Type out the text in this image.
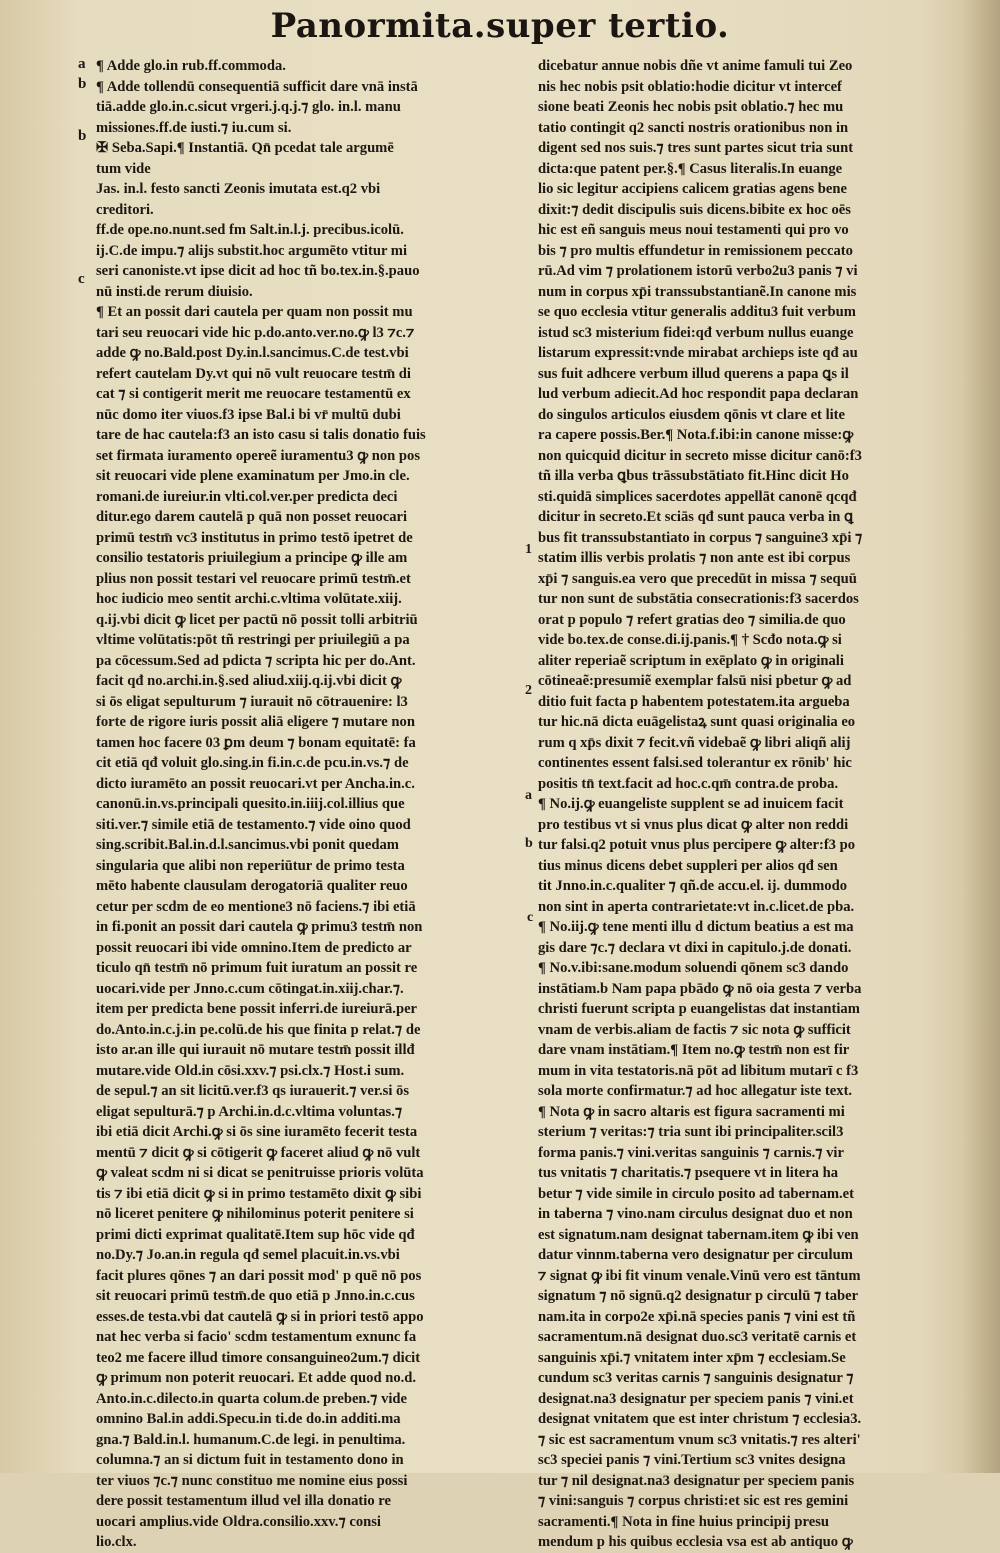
Panormita.super tertio.
a
b
b
c
1
2
a
b
c
¶ Adde glo.in rub.ff.commoda.
¶ Adde tollendū consequentiā sufficit dare vnā instā
tiā.adde glo.in.c.sicut vrgeri.j.q.j.⁊ glo. in.l. manu
missiones.ff.de iusti.⁊ iu.cum si.
✠ Seba.Sapi.¶ Instantiā. Qn̄ pcedat tale argumē
tum vide
Jas. in.l. festo sancti Zeonis imutata est.q2 vbi
creditori.
ff.de ope.no.nunt.sed fm Salt.in.l.j. precibus.icolū.
ij.C.de impu.⁊ alijs substit.hoc argumēto vtitur mi
seri canoniste.vt ipse dicit ad hoc tñ bo.tex.in.§.pauo
nū insti.de rerum diuisio.
¶ Et an possit dari cautela per quam non possit mu
tari seu reuocari vide hic p.do.anto.ver.no.ꝙ l3 ⁊c.⁊
adde ꝙ no.Bald.post Dy.in.l.sancimus.C.de test.vbi
refert cautelam Dy.vt qui nō vult reuocare testm̄ di
cat ⁊ si contigerit merit me reuocare testamentū ex
nūc domo iter viuos.f3 ipse Bal.i bi vr̄ multū dubi
tare de hac cautela:f3 an isto casu si talis donatio fuis
set firmata iuramento opereẽ iuramentu3 ꝙ non pos
sit reuocari vide plene examinatum per Jmo.in cle.
romani.de iureiur.in vlti.col.ver.per predicta deci
ditur.ego darem cautelā p quā non posset reuocari
primū testm̄ vc3 institutus in primo testō ipetret de
consilio testatoris priuilegium a principe ꝙ ille am
plius non possit testari vel reuocare primū testm̄.et
hoc iudicio meo sentit archi.c.vltima volūtate.xiij.
q.ij.vbi dicit ꝙ licet per pactū nō possit tolli arbitriū
vltime volūtatis:pōt tñ restringi per priuilegiū a pa
pa cōcessum.Sed ad pdicta ⁊ scripta hic per do.Ant.
facit qđ no.archi.in.§.sed aliud.xiij.q.ij.vbi dicit ꝙ
si ōs eligat sepulturum ⁊ iurauit nō cōtrauenire: l3
forte de rigore iuris possit aliā eligere ⁊ mutare non
tamen hoc facere 03 ꝑm deum ⁊ bonam equitatē: fa
cit etiā qđ voluit glo.sing.in fi.in.c.de pcu.in.vs.⁊ de
dicto iuramēto an possit reuocari.vt per Ancha.in.c.
canonū.in.vs.principali quesito.in.iiij.col.illius que
siti.ver.⁊ simile etiā de testamento.⁊ vide oino quod
sing.scribit.Bal.in.d.l.sancimus.vbi ponit quedam
singularia que alibi non reperiūtur de primo testa
mēto habente clausulam derogatoriā qualiter reuo
cetur per scdm de eo mentione3 nō faciens.⁊ ibi etiā
in fi.ponit an possit dari cautela ꝙ primu3 testm̄ non
possit reuocari ibi vide omnino.Item de predicto ar
ticulo qn̄ testm̄ nō primum fuit iuratum an possit re
uocari.vide per Jnno.c.cum cōtingat.in.xiij.char.⁊.
item per predicta bene possit inferri.de iureiurā.per
do.Anto.in.c.j.in pe.colū.de his que finita p relat.⁊ de
isto ar.an ille qui iurauit nō mutare testm̄ possit illđ
mutare.vide Old.in cōsi.xxv.⁊ psi.clx.⁊ Host.i sum.
de sepul.⁊ an sit licitū.ver.f3 qs iurauerit.⁊ ver.si ōs
eligat sepulturā.⁊ p Archi.in.d.c.vltima voluntas.⁊
ibi etiā dicit Archi.ꝙ si ōs sine iuramēto fecerit testa
mentū ⁊ dicit ꝙ si cōtigerit ꝙ faceret aliud ꝙ nō vult
ꝙ valeat scdm ni si dicat se penitruisse prioris volūta
tis ⁊ ibi etiā dicit ꝙ si in primo testamēto dixit ꝙ sibi
nō liceret penitere ꝙ nihilominus poterit penitere si
primi dicti exprimat qualitatē.Item sup hōc vide qđ
no.Dy.⁊ Jo.an.in regula qđ semel placuit.in.vs.vbi
facit plures qōnes ⁊ an dari possit mod' p quē nō pos
sit reuocari primū testm̄.de quo etiā p Jnno.in.c.cus
esses.de testa.vbi dat cautelā ꝙ si in priori testō appo
nat hec verba si facio' scdm testamentum exnunc fa
teo2 me facere illud timore consanguineo2um.⁊ dicit
ꝙ primum non poterit reuocari. Et adde quod no.d.
Anto.in.c.dilecto.in quarta colum.de preben.⁊ vide
omnino Bal.in addi.Specu.in ti.de do.in additi.ma
gna.⁊ Bald.in.l. humanum.C.de legi. in penultima.
columna.⁊ an si dictum fuit in testamento dono in
ter viuos ⁊c.⁊ nunc constituo me nomine eius possi
dere possit testamentum illud vel illa donatio re
uocari amplius.vide Oldra.consilio.xxv.⁊ consi
lio.clx.
dicebatur annue nobis dñe vt anime famuli tui Zeo
nis hec nobis psit oblatio:hodie dicitur vt intercef
sione beati Zeonis hec nobis psit oblatio.⁊ hec mu
tatio contingit q2 sancti nostris orationibus non in
digent sed nos suis.⁊ tres sunt partes sicut tria sunt
dicta:que patent per.§.¶ Casus literalis.In euange
lio sic legitur accipiens calicem gratias agens bene
dixit:⁊ dedit discipulis suis dicens.bibite ex hoc oēs
hic est eñ sanguis meus noui testamenti qui pro vo
bis ⁊ pro multis effundetur in remissionem peccato
rū.Ad vim ⁊ prolationem istorū verbo2u3 panis ⁊ vi
num in corpus xp̄i transsubstantianẽ.In canone mis
se quo ecclesia vtitur generalis additu3 fuit verbum
istud sc3 misterium fidei:qđ verbum nullus euange
listarum expressit:vnde mirabat archieps iste qđ au
sus fuit adhcere verbum illud querens a papa ꝗs il
lud verbum adiecit.Ad hoc respondit papa declaran
do singulos articulos eiusdem qōnis vt clare et lite
ra capere possis.Ber.¶ Nota.f.ibi:in canone misse:ꝙ
non quicquid dicitur in secreto misse dicitur canō:f3
tñ illa verba ꝗbus trāssubstātiato fit.Hinc dicit Ho
sti.quidā simplices sacerdotes appellāt canonē qcqđ
dicitur in secreto.Et sciās qđ sunt pauca verba in ꝗ
bus fit transsubstantiato in corpus ⁊ sanguine3 xp̄i ⁊
statim illis verbis prolatis ⁊ non ante est ibi corpus
xp̄i ⁊ sanguis.ea vero que precedūt in missa ⁊ sequū
tur non sunt de substātia consecrationis:f3 sacerdos
orat p populo ⁊ refert gratias deo ⁊ similia.de quo
vide bo.tex.de conse.di.ij.panis.¶ † Scđo nota.ꝙ si
aliter reperiaẽ scriptum in exēplato ꝙ in originali
cōtineaẽ:presumiẽ exemplar falsū nisi pbetur ꝙ ad
ditio fuit facta p habentem potestatem.ita argueba
tur hic.nā dicta euāgelistaꝝ sunt quasi originalia eo
rum q xp̄s dixit ⁊ fecit.vñ videbaẽ ꝙ libri aliqñ alij
continentes essent falsi.sed tolerantur ex rōnib' hic
positis tn̄ text.facit ad hoc.c.qm̄ contra.de proba.
¶ No.ij.ꝙ euangeliste supplent se ad inuicem facit
pro testibus vt si vnus plus dicat ꝙ alter non reddi
tur falsi.q2 potuit vnus plus percipere ꝙ alter:f3 po
tius minus dicens debet suppleri per alios qđ sen
tit Jnno.in.c.qualiter ⁊ qñ.de accu.el. ij. dummodo
non sint in aperta contrarietate:vt in.c.licet.de pba.
¶ No.iij.ꝙ tene menti illu d dictum beatius a est ma
gis dare ⁊c.⁊ declara vt dixi in capitulo.j.de donati.
¶ No.v.ibi:sane.modum soluendi qōnem sc3 dando
instātiam.b Nam papa pbādo ꝙ nō oia gesta ⁊ verba
christi fuerunt scripta p euangelistas dat instantiam
vnam de verbis.aliam de factis ⁊ sic nota ꝙ sufficit
dare vnam instātiam.¶ Item no.ꝙ testm̄ non est fir
mum in vita testatoris.nā pōt ad libitum mutarī c f3
sola morte confirmatur.⁊ ad hoc allegatur iste text.
¶ Nota ꝙ in sacro altaris est figura sacramenti mi
sterium ⁊ veritas:⁊ tria sunt ibi principaliter.scil3
forma panis.⁊ vini.veritas sanguinis ⁊ carnis.⁊ vir
tus vnitatis ⁊ charitatis.⁊ psequere vt in litera ha
betur ⁊ vide simile in circulo posito ad tabernam.et
in taberna ⁊ vino.nam circulus designat duo et non
est signatum.nam designat tabernam.item ꝙ ibi ven
datur vinnm.taberna vero designatur per circulum
⁊ signat ꝙ ibi fit vinum venale.Vinū vero est tāntum
signatum ⁊ nō signū.q2 designatur p circulū ⁊ taber
nam.ita in corpo2e xp̄i.nā species panis ⁊ vini est tñ
sacramentum.nā designat duo.sc3 veritatē carnis et
sanguinis xp̄i.⁊ vnitatem inter xp̄m ⁊ ecclesiam.Se
cundum sc3 veritas carnis ⁊ sanguinis designatur ⁊
designat.na3 designatur per speciem panis ⁊ vini.et
designat vnitatem que est inter christum ⁊ ecclesia3.
⁊ sic est sacramentum vnum sc3 vnitatis.⁊ res alteri'
sc3 speciei panis ⁊ vini.Tertium sc3 vnites designa
tur ⁊ nil designat.na3 designatur per speciem panis
⁊ vini:sanguis ⁊ corpus christi:et sic est res gemini
sacramenti.¶ Nota in fine huius principij presu
mendum p his quibus ecclesia vsa est ab antiquo ꝙ
